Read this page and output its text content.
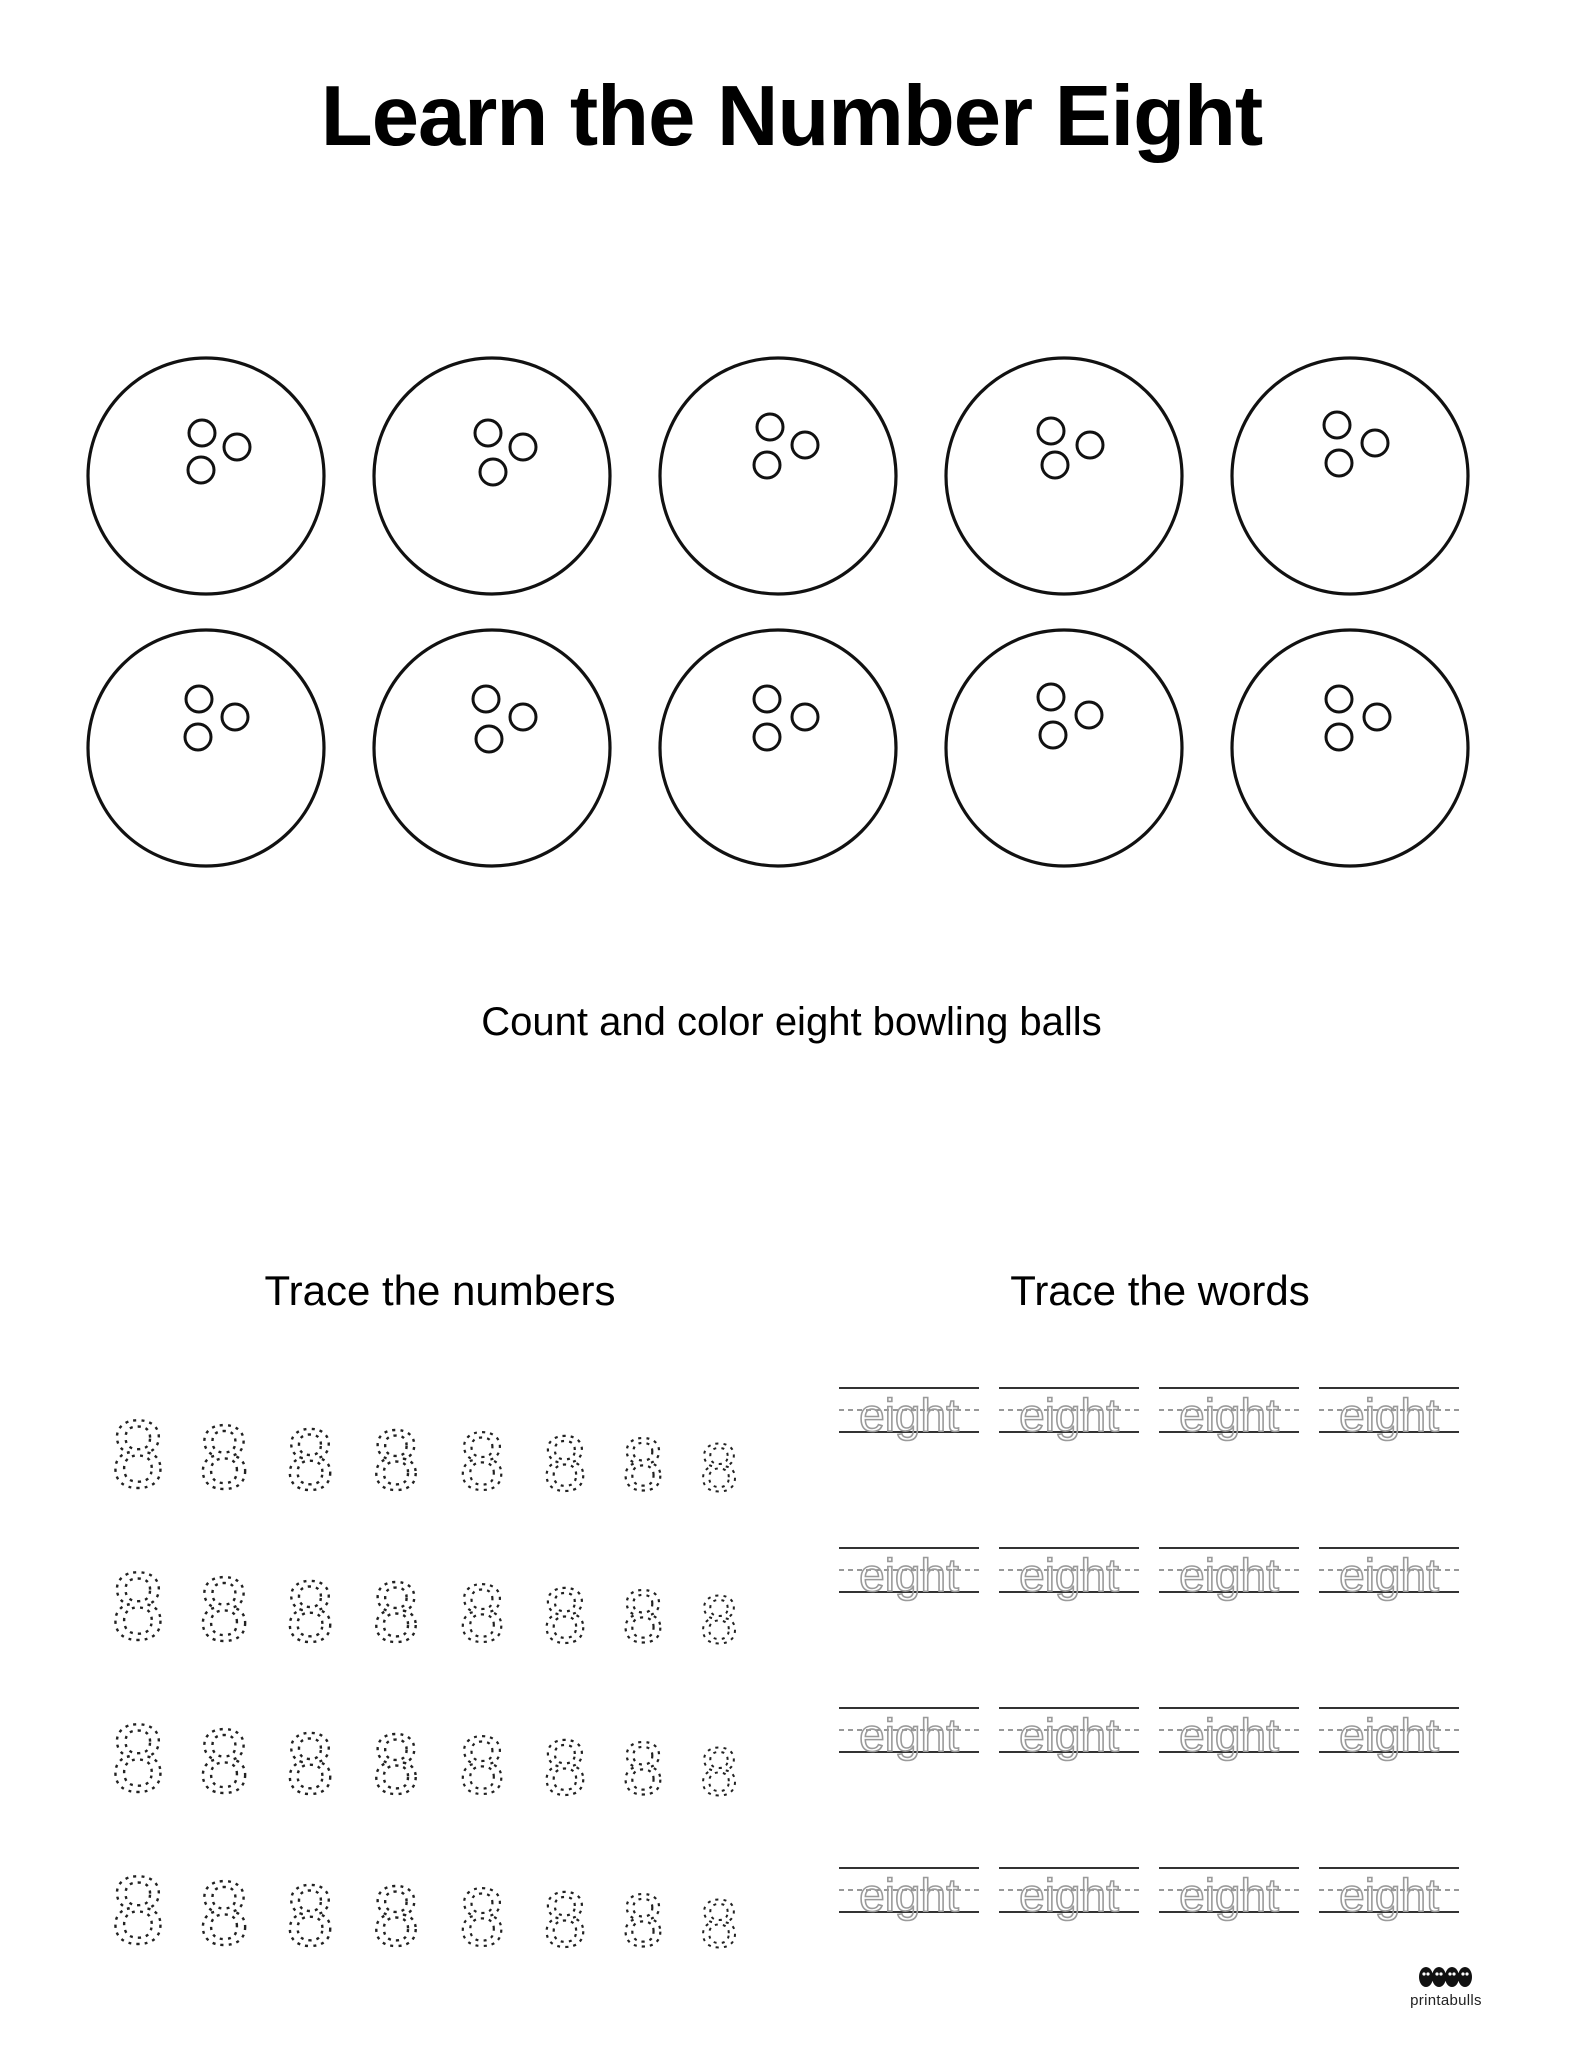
Learn the Number Eight
Count and color eight bowling balls
Trace the numbers	Trace the words
8 8 8 8 8 8 8 8
8 8 8 8 8 8 8 8
8 8 8 8 8 8 8 8
8 8 8 8 8 8 8 8
eight eight eight eight
eight eight eight eight
eight eight eight eight
eight eight eight eight
printabulls
